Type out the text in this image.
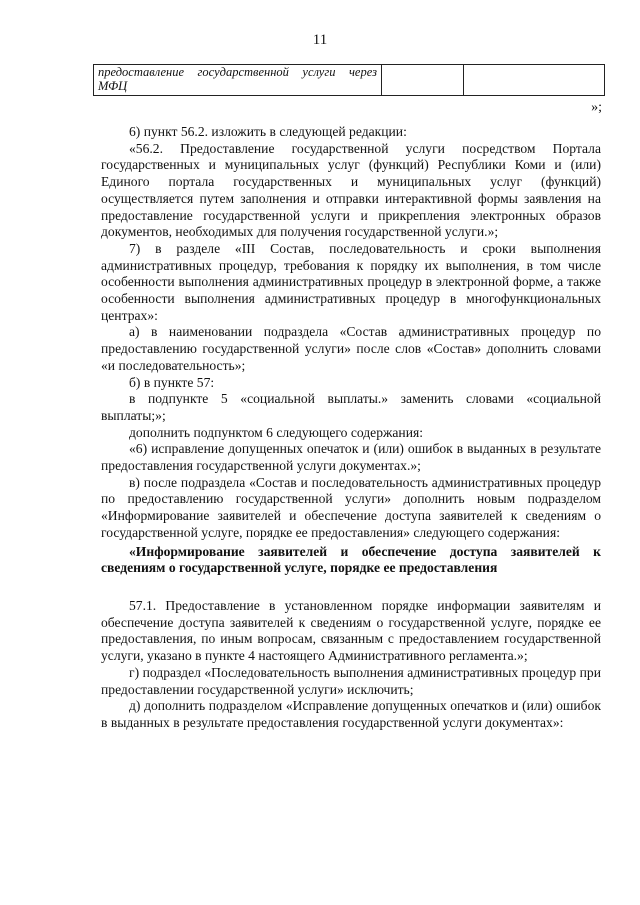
11
предоставление государственной услуги через МФЦ		
»;

6) пункт 56.2. изложить в следующей редакции:

«56.2. Предоставление государственной услуги посредством Портала государственных и муниципальных услуг (функций) Республики Коми и (или) Единого портала государственных и муниципальных услуг (функций) осуществляется путем заполнения и отправки интерактивной формы заявления на предоставление государственной услуги и прикрепления электронных образов документов, необходимых для получения государственной услуги.»;

7) в разделе «III Состав, последовательность и сроки выполнения административных процедур, требования к порядку их выполнения, в том числе особенности выполнения административных процедур в электронной форме, а также особенности выполнения административных процедур в многофункциональных центрах»:

а) в наименовании подраздела «Состав административных процедур по предоставлению государственной услуги» после слов «Состав» дополнить словами «и последовательность»;

б) в пункте 57:

в подпункте 5 «социальной выплаты.» заменить словами «социальной выплаты;»;

дополнить подпунктом 6 следующего содержания:

«6) исправление допущенных опечаток и (или) ошибок в выданных в результате предоставления государственной услуги документах.»;

в) после подраздела «Состав и последовательность административных процедур по предоставлению государственной услуги» дополнить новым подразделом «Информирование заявителей и обеспечение доступа заявителей к сведениям о государственной услуге, порядке ее предоставления» следующего содержания:

«Информирование заявителей и обеспечение доступа заявителей к сведениям о государственной услуге, порядке ее предоставления

57.1. Предоставление в установленном порядке информации заявителям и обеспечение доступа заявителей к сведениям о государственной услуге, порядке ее предоставления, по иным вопросам, связанным с предоставлением государственной услуги, указано в пункте 4 настоящего Административного регламента.»;

г) подраздел «Последовательность выполнения административных процедур при предоставлении государственной услуги» исключить;

д) дополнить подразделом «Исправление допущенных опечатков и (или) ошибок в выданных в результате предоставления государственной услуги документах»:
